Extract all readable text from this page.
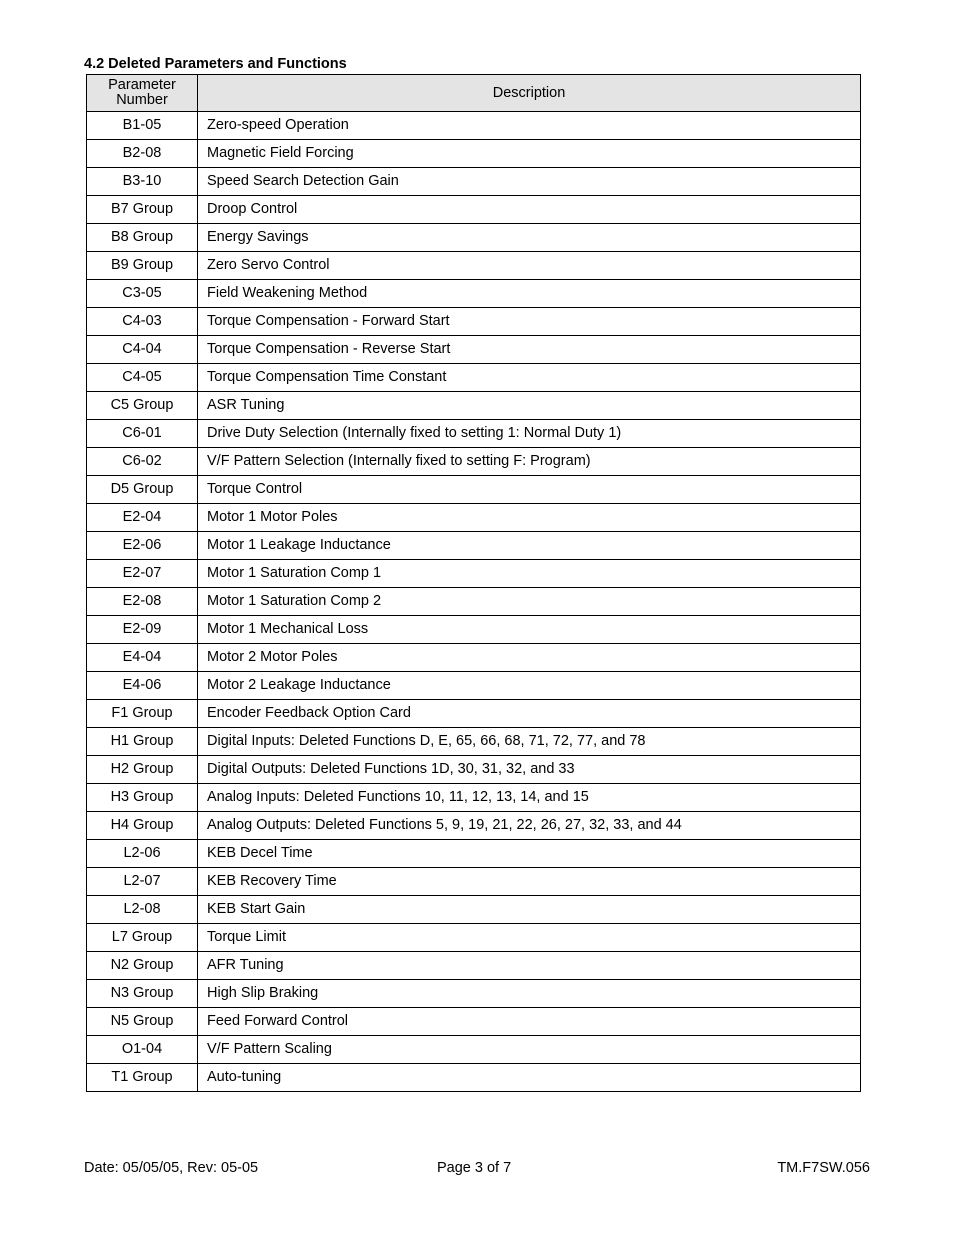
4.2 Deleted Parameters and Functions
Parameter
Number	Description
B1-05	Zero-speed Operation
B2-08	Magnetic Field Forcing
B3-10	Speed Search Detection Gain
B7 Group	Droop Control
B8 Group	Energy Savings
B9 Group	Zero Servo Control
C3-05	Field Weakening Method
C4-03	Torque Compensation - Forward Start
C4-04	Torque Compensation - Reverse Start
C4-05	Torque Compensation Time Constant
C5 Group	ASR Tuning
C6-01	Drive Duty Selection (Internally fixed to setting 1: Normal Duty 1)
C6-02	V/F Pattern Selection (Internally fixed to setting F: Program)
D5 Group	Torque Control
E2-04	Motor 1 Motor Poles
E2-06	Motor 1 Leakage Inductance
E2-07	Motor 1 Saturation Comp 1
E2-08	Motor 1 Saturation Comp 2
E2-09	Motor 1 Mechanical Loss
E4-04	Motor 2 Motor Poles
E4-06	Motor 2 Leakage Inductance
F1 Group	Encoder Feedback Option Card
H1 Group	Digital Inputs: Deleted Functions D, E, 65, 66, 68, 71, 72, 77, and 78
H2 Group	Digital Outputs: Deleted Functions 1D, 30, 31, 32, and 33
H3 Group	Analog Inputs: Deleted Functions 10, 11, 12, 13, 14, and 15
H4 Group	Analog Outputs: Deleted Functions 5, 9, 19, 21, 22, 26, 27, 32, 33, and 44
L2-06	KEB Decel Time
L2-07	KEB Recovery Time
L2-08	KEB Start Gain
L7 Group	Torque Limit
N2 Group	AFR Tuning
N3 Group	High Slip Braking
N5 Group	Feed Forward Control
O1-04	V/F Pattern Scaling
T1 Group	Auto-tuning
Date: 05/05/05, Rev: 05-05	Page 3 of 7	TM.F7SW.056
